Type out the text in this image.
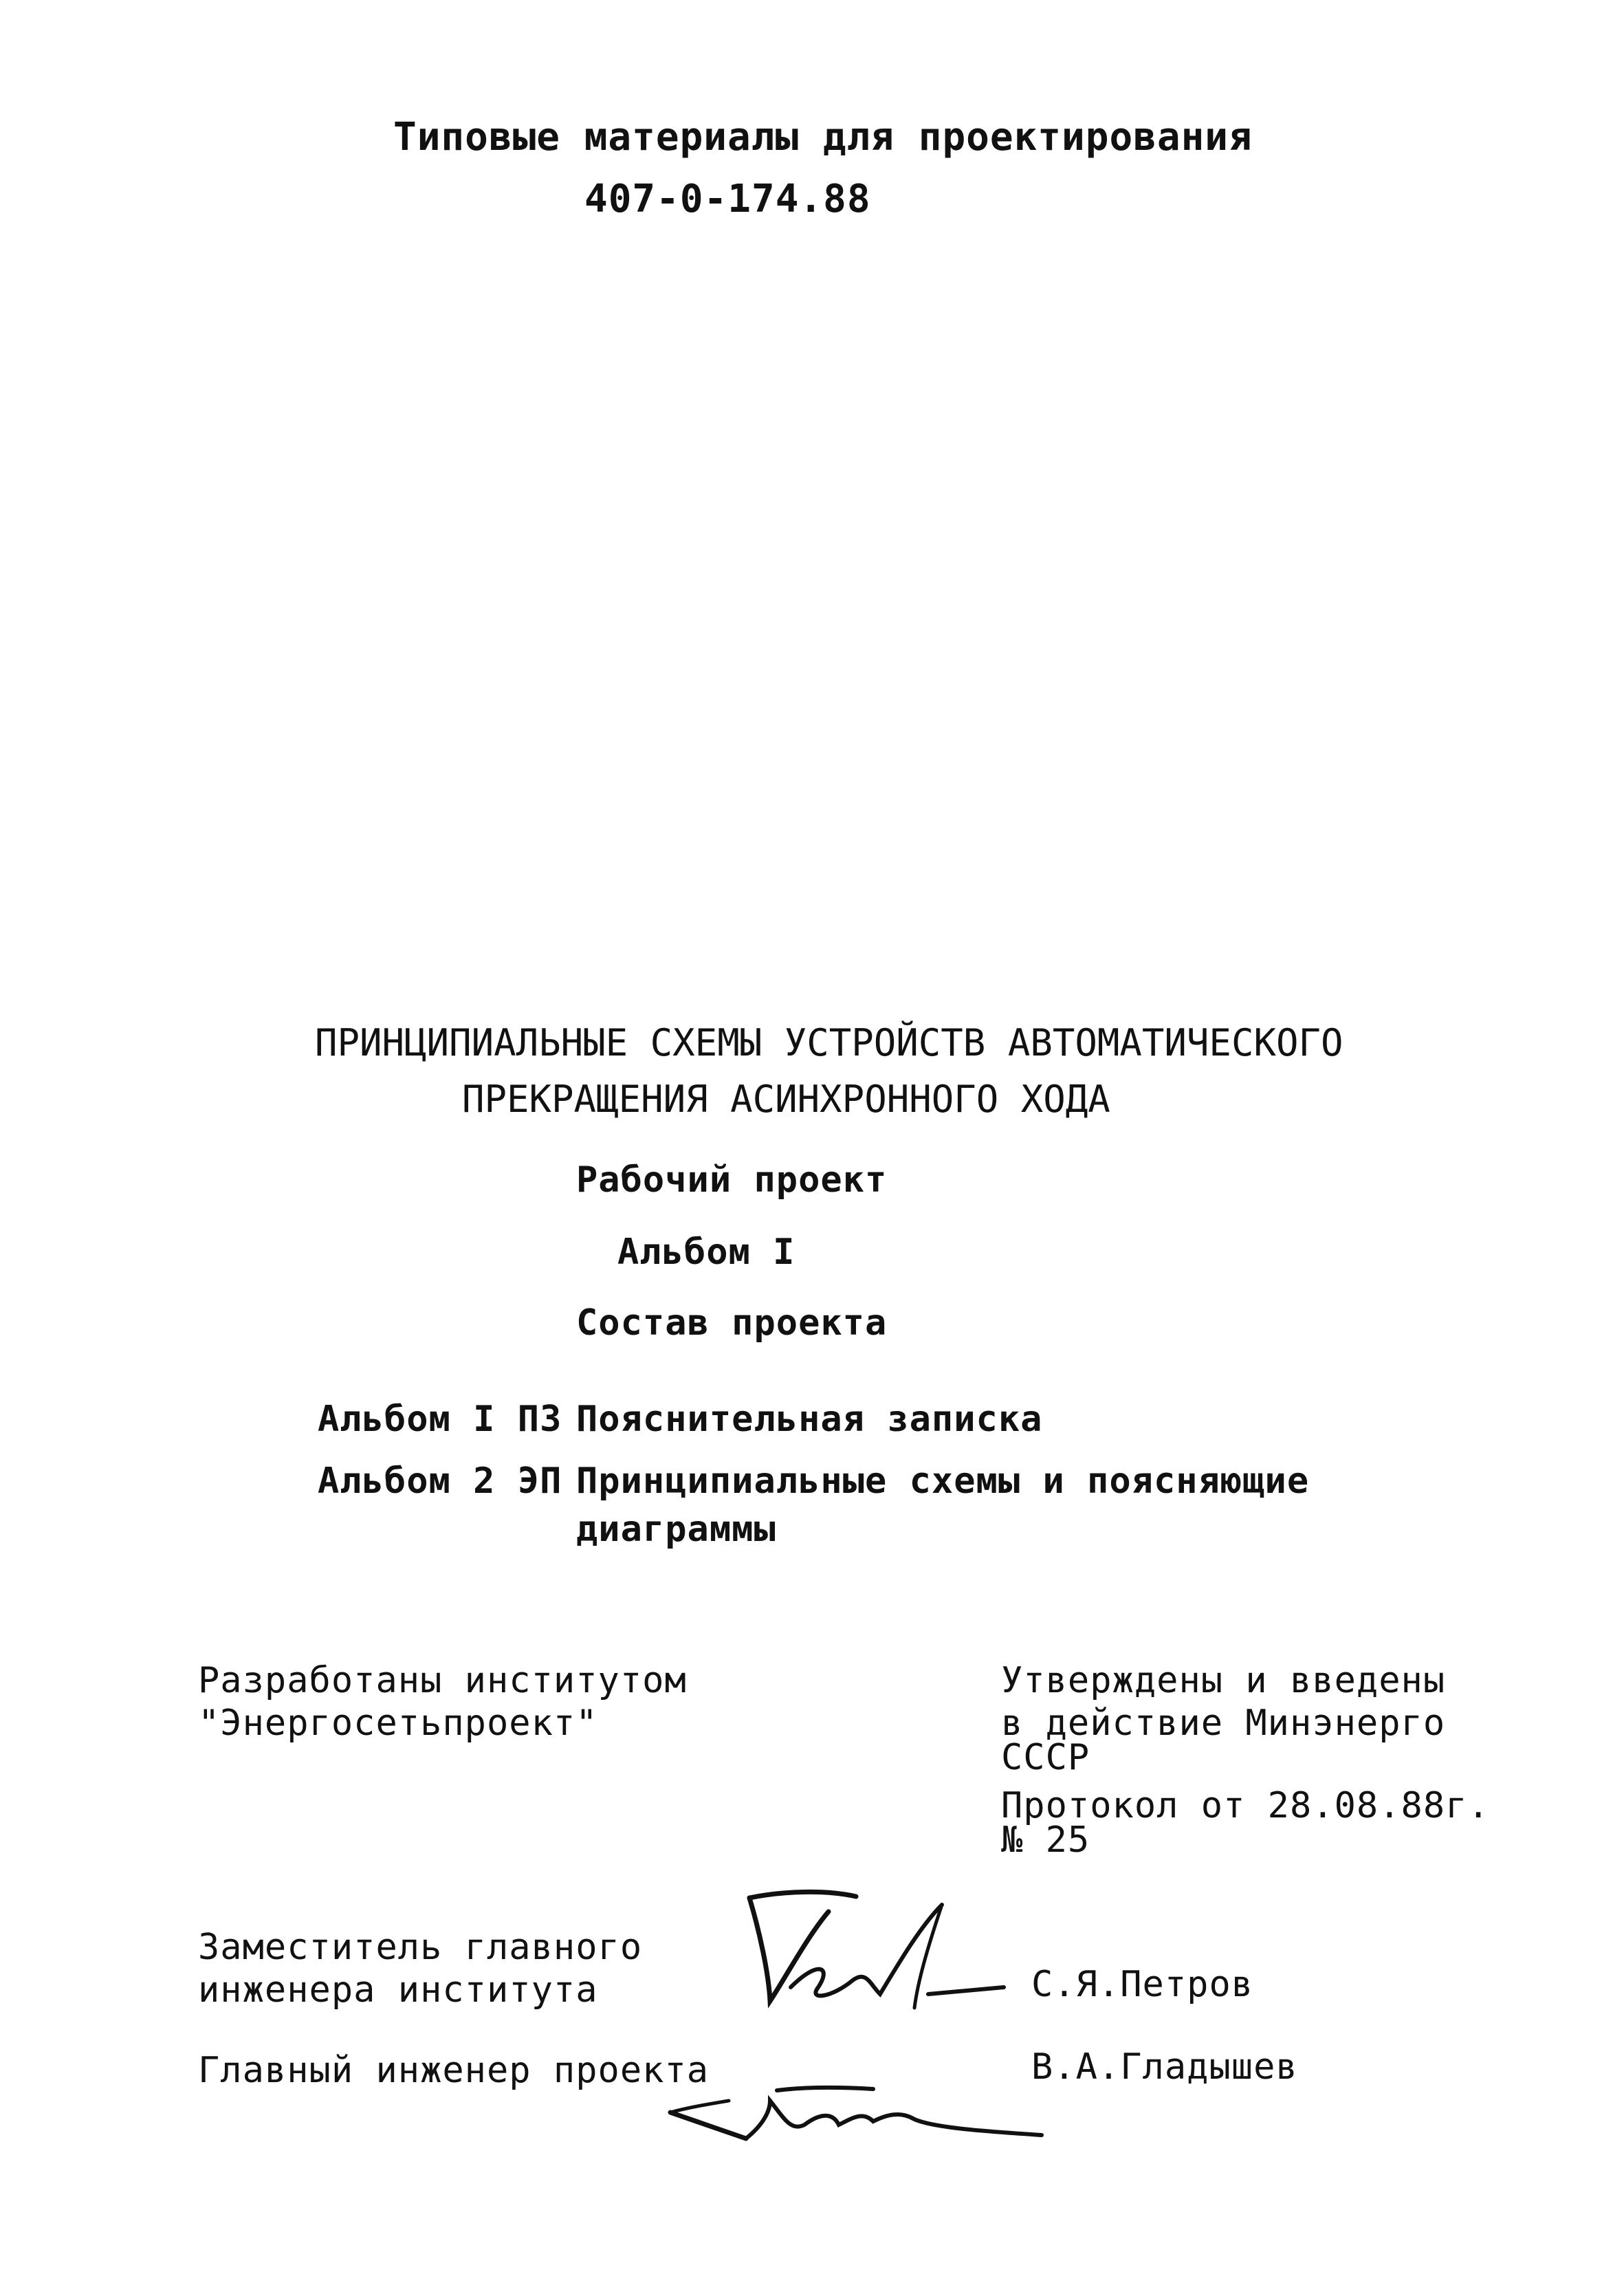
Типовые материалы для проектирования
407-0-174.88
ПРИНЦИПИАЛЬНЫЕ СХЕМЫ УСТРОЙСТВ АВТОМАТИЧЕСКОГО
ПРЕКРАЩЕНИЯ АСИНХРОННОГО ХОДА
Рабочий проект
Альбом I
Состав проекта
Альбом I ПЗ Пояснительная записка
Альбом 2 ЭП Принципиальные схемы и поясняющие
диаграммы
Разработаны институтом
"Энергосетьпроект"
Утверждены и введены
в действие Минэнерго
СССР
Протокол от 28.08.88г.
№ 25
Заместитель главного
инженера института	С.Я.Петров
Главный инженер проекта	В.А.Гладышев
